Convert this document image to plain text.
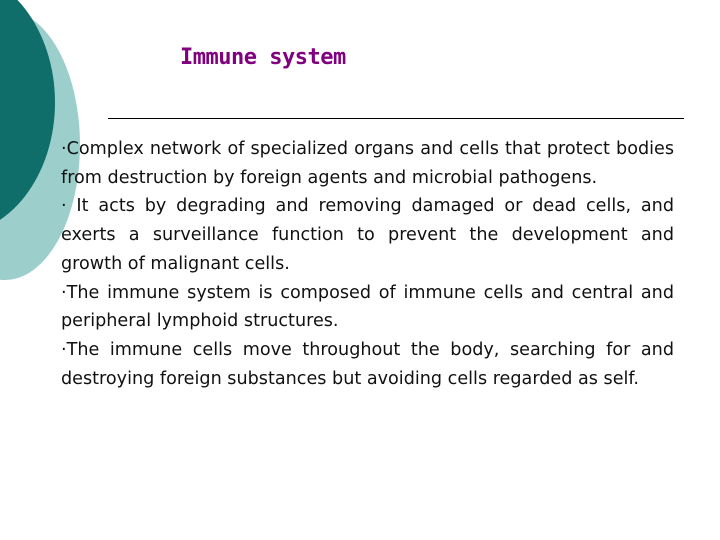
Immune system

·Complex network of specialized organs and cells that protect bodies from destruction by foreign agents and microbial pathogens.

· It acts by degrading and removing damaged or dead cells, and exerts a surveillance function to prevent the development and growth of malignant cells.

·The immune system is composed of immune cells and central and peripheral lymphoid structures.

·The immune cells move throughout the body, searching for and destroying foreign substances but avoiding cells regarded as self.
